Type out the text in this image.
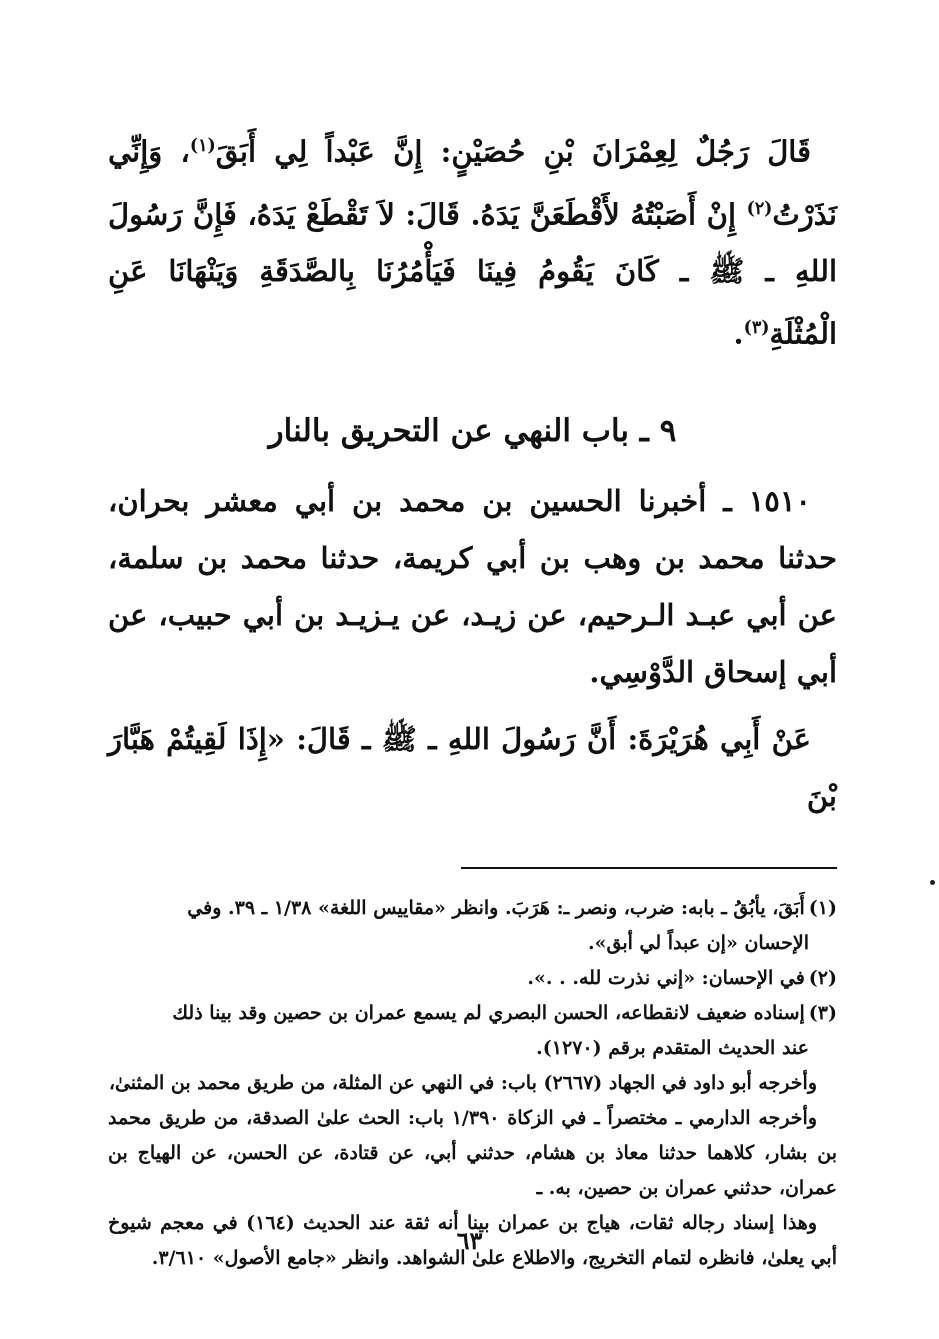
قَالَ رَجُلٌ لِعِمْرَانَ بْنِ حُصَيْنٍ: إِنَّ عَبْداً لِي أَبَقَ$^{(١)}$، وَإِنِّي نَذَرْتُ$^{(٢)}$ إِنْ أَصَبْتُهُ لأَقْطَعَنَّ يَدَهُ. قَالَ: لاَ تَقْطَعْ يَدَهُ، فَإِنَّ رَسُولَ اللهِ ـ ﷺ ـ كَانَ يَقُومُ فِينَا فَيَأْمُرُنَا بِالصَّدَقَةِ وَيَنْهَانَا عَنِ الْمُثْلَةِ$^{(٣)}$.

٩ ـ باب النهي عن التحريق بالنار

١٥١٠ ـ أخبرنا الحسين بن محمد بن أبي معشر بحران، حدثنا محمد بن وهب بن أبي كريمة، حدثنا محمد بن سلمة، عن أبي عبـد الـرحيم، عن زيـد، عن يـزيـد بن أبي حبيب، عن أبي إسحاق الدَّوْسِي.

عَنْ أَبِي هُرَيْرَةَ: أَنَّ رَسُولَ اللهِ ـ ﷺ ـ قَالَ: «إِذَا لَقِيتُمْ هَبَّارَ بْنَ

(١)أَبَقَ، يأبُقُ ـ بابه: ضرب، ونصر ـ: هَرَبَ. وانظر «مقاييس اللغة» ١/٣٨ ـ ٣٩. وفي
الإحسان «إن عبداً لي أبق».

(٢)في الإحسان: «إني نذرت لله. . .».

(٣)إسناده ضعيف لانقطاعه، الحسن البصري لم يسمع عمران بن حصين وقد بينا ذلك
عند الحديث المتقدم برقم (١٢٧٠).

وأخرجه أبو داود في الجهاد (٢٦٦٧) باب: في النهي عن المثلة، من طريق محمد بن المثنىٰ،

وأخرجه الدارمي ـ مختصراً ـ في الزكاة ١/٣٩٠ باب: الحث علىٰ الصدقة، من طريق محمد بن بشار، كلاهما حدثنا معاذ بن هشام، حدثني أبي، عن قتادة، عن الحسن، عن الهياج بن عمران، حدثني عمران بن حصين، به. ـ

وهذا إسناد رجاله ثقات، هياج بن عمران بينا أنه ثقة عند الحديث (١٦٤) في معجم شيوخ أبي يعلىٰ، فانظره لتمام التخريج، والاطلاع علىٰ الشواهد. وانظر «جامع الأصول» ٣/٦١٠.

٦٣
